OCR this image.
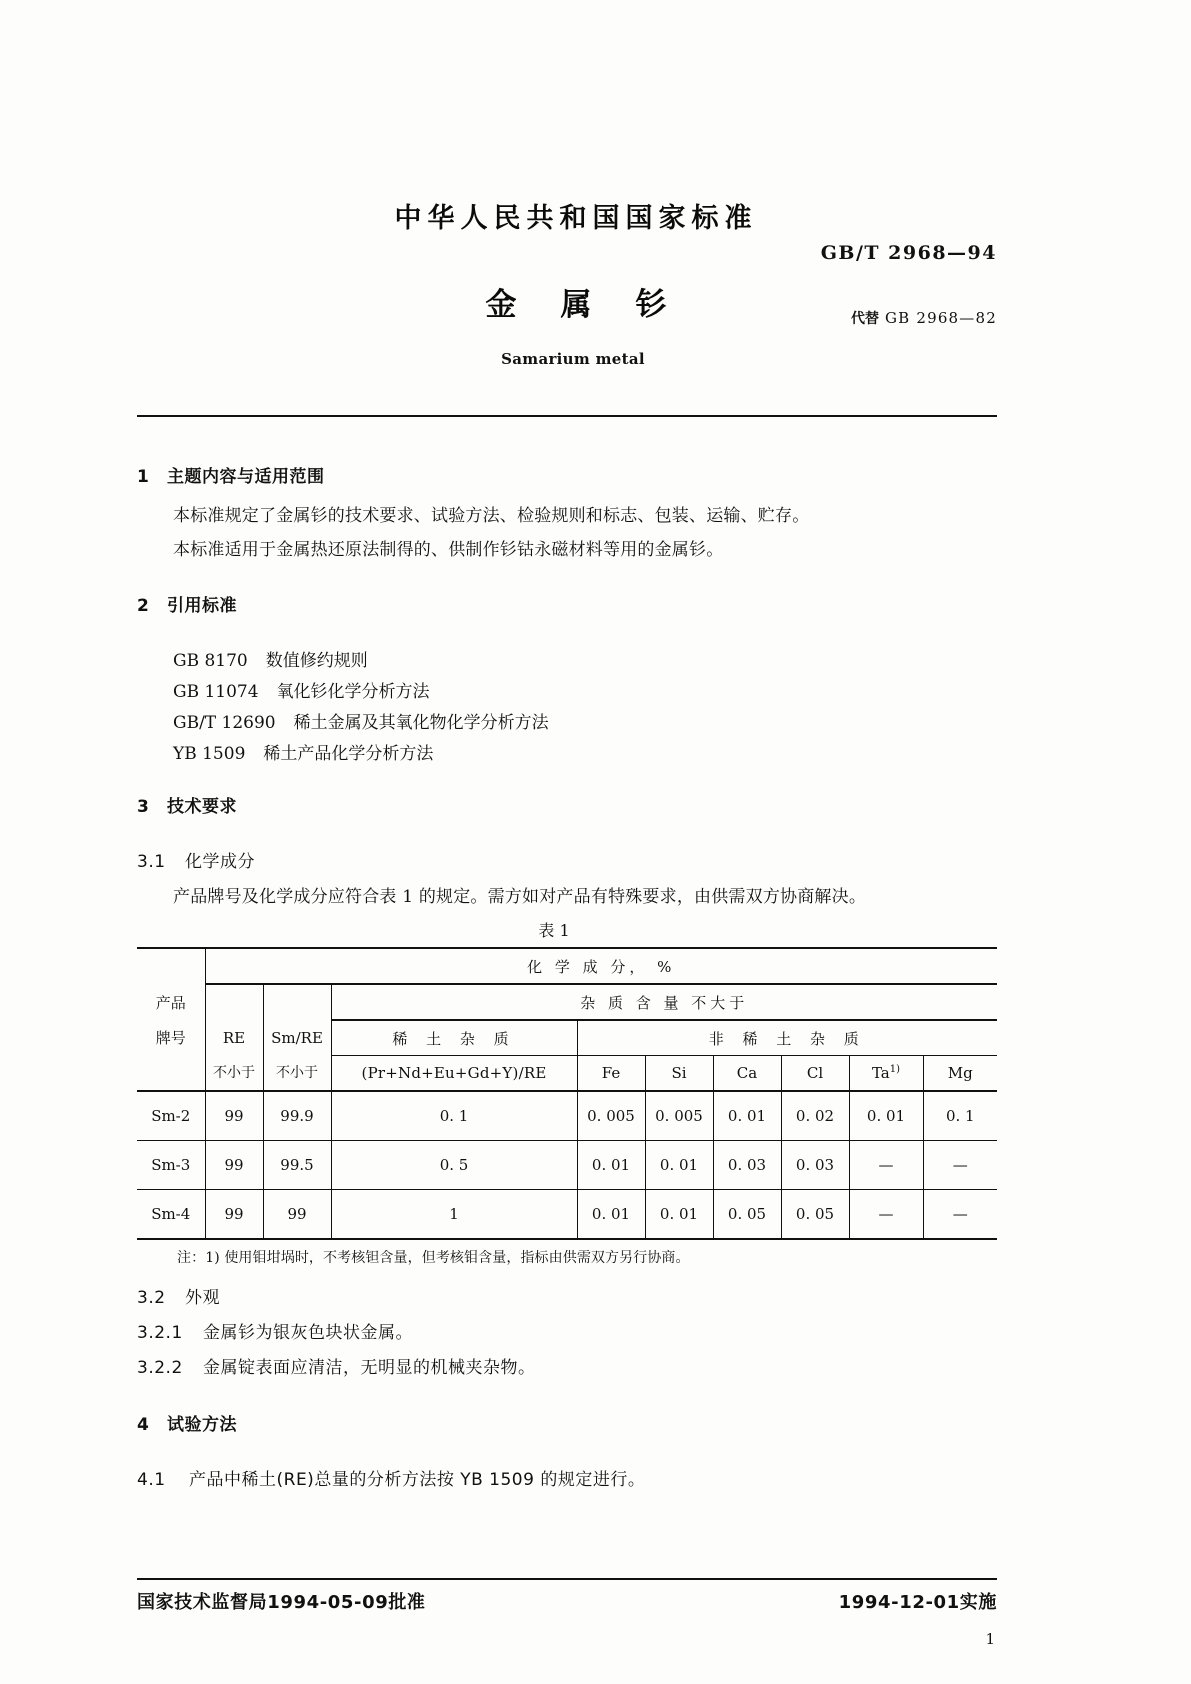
中华人民共和国国家标准
金属钐
Samarium metal
GB/T 2968—94
代替 GB 2968—82
1 主题内容与适用范围

本标准规定了金属钐的技术要求、试验方法、检验规则和标志、包装、运输、贮存。

本标准适用于金属热还原法制得的、供制作钐钴永磁材料等用的金属钐。

2 引用标准
GB 8170 数值修约规则
GB 11074 氧化钐化学分析方法
GB/T 12690 稀土金属及其氧化物化学分析方法
YB 1509 稀土产品化学分析方法
3 技术要求
3.1 化学成分

产品牌号及化学成分应符合表 1 的规定。需方如对产品有特殊要求，由供需双方协商解决。

表 1
	化 学 成 分， %								
产品			杂 质 含 量 不大于						
牌号	RE	Sm/RE	稀 土 杂 质	非 稀 土 杂 质					

	不小于	不小于	(Pr+Nd+Eu+Gd+Y)/RE	Fe	Si	Ca	Cl	Ta$^{1)}$	Mg
Sm-2	99	99.9	0. 1	0. 005	0. 005	0. 01	0. 02	0. 01	0. 1
Sm-3	99	99.5	0. 5	0. 01	0. 01	0. 03	0. 03	—	—
Sm-4	99	99	1	0. 01	0. 01	0. 05	0. 05	—	—
注：1) 使用钼坩埚时，不考核钽含量，但考核钼含量，指标由供需双方另行协商。
3.2 外观
3.2.1 金属钐为银灰色块状金属。
3.2.2 金属锭表面应清洁，无明显的机械夹杂物。
4 试验方法
4.1 产品中稀土(RE)总量的分析方法按 YB 1509 的规定进行。
国家技术监督局1994-05-09批准	1994-12-01实施
1
